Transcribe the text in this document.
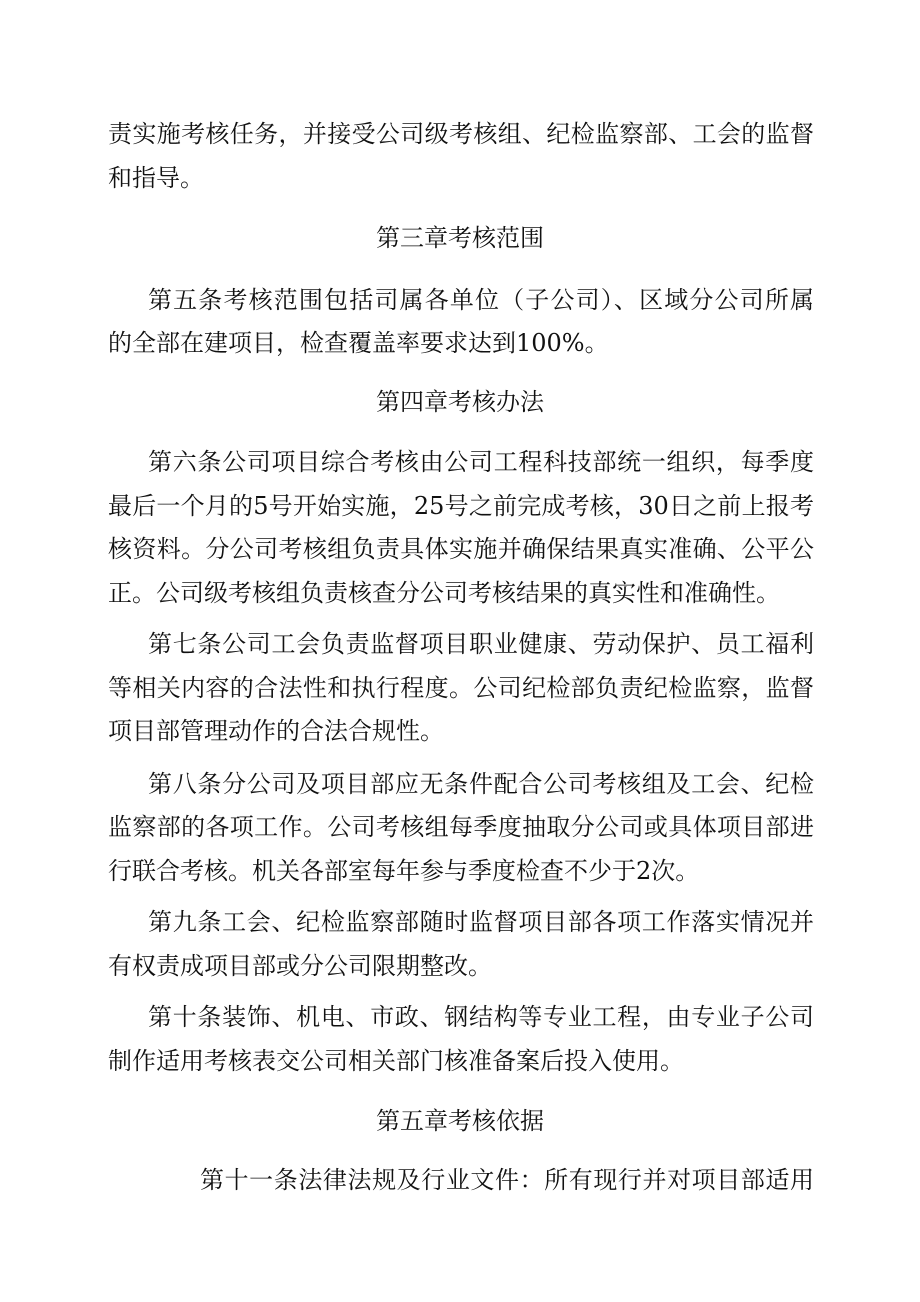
责实施考核任务，并接受公司级考核组、纪检监察部、工会的监督

和指导。

第三章考核范围

第五条考核范围包括司属各单位（子公司）、区域分公司所属

的全部在建项目，检查覆盖率要求达到100%。

第四章考核办法

第六条公司项目综合考核由公司工程科技部统一组织，每季度

最后一个月的5号开始实施，25号之前完成考核，30日之前上报考

核资料。分公司考核组负责具体实施并确保结果真实准确、公平公

正。公司级考核组负责核查分公司考核结果的真实性和准确性。

第七条公司工会负责监督项目职业健康、劳动保护、员工福利

等相关内容的合法性和执行程度。公司纪检部负责纪检监察，监督

项目部管理动作的合法合规性。

第八条分公司及项目部应无条件配合公司考核组及工会、纪检

监察部的各项工作。公司考核组每季度抽取分公司或具体项目部进

行联合考核。机关各部室每年参与季度检查不少于2次。

第九条工会、纪检监察部随时监督项目部各项工作落实情况并

有权责成项目部或分公司限期整改。

第十条装饰、机电、市政、钢结构等专业工程，由专业子公司

制作适用考核表交公司相关部门核准备案后投入使用。

第五章考核依据

第十一条法律法规及行业文件：所有现行并对项目部适用
